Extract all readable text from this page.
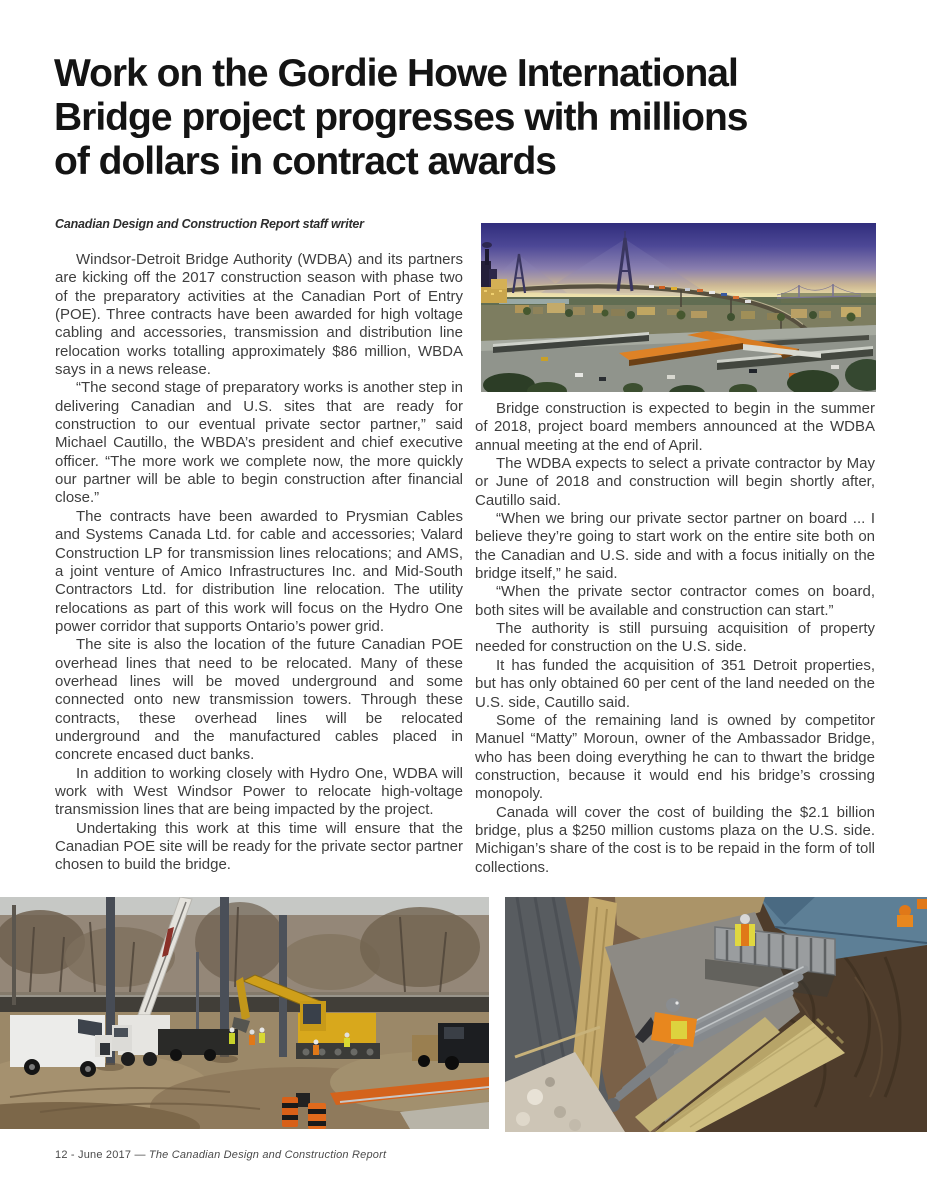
Work on the Gordie Howe International
Bridge project progresses with millions
of dollars in contract awards
Canadian Design and Construction Report staff writer

Windsor-Detroit Bridge Authority (WDBA) and its partners are kicking off the 2017 construction season with phase two of the preparatory activities at the Canadian Port of Entry (POE). Three contracts have been awarded for high voltage cabling and accessories, transmission and distribution line relocation works totalling approximately $86 million, WBDA says in a news release.

“The second stage of preparatory works is another step in delivering Canadian and U.S. sites that are ready for construction to our eventual private sector partner,” said Michael Cautillo, the WBDA’s president and chief executive officer. “The more work we complete now, the more quickly our partner will be able to begin construction after financial close.”

The contracts have been awarded to Prysmian Cables and Systems Canada Ltd. for cable and accessories; Valard Construction LP for transmission lines relocations; and AMS, a joint venture of Amico Infrastructures Inc. and Mid-South Contractors Ltd. for distribution line relocation. The utility relocations as part of this work will focus on the Hydro One power corridor that supports Ontario’s power grid.

The site is also the location of the future Canadian POE overhead lines that need to be relocated. Many of these overhead lines will be moved underground and some connected onto new transmission towers. Through these contracts, these overhead lines will be relocated underground and the manufactured cables placed in concrete encased duct banks.

In addition to working closely with Hydro One, WDBA will work with West Windsor Power to relocate high-voltage transmission lines that are being impacted by the project.

Undertaking this work at this time will ensure that the Canadian POE site will be ready for the private sector partner chosen to build the bridge.

Bridge construction is expected to begin in the summer of 2018, project board members announced at the WDBA annual meeting at the end of April.

The WDBA expects to select a private contractor by May or June of 2018 and construction will begin shortly after, Cautillo said.

“When we bring our private sector partner on board ... I believe they’re going to start work on the entire site both on the Canadian and U.S. side and with a focus initially on the bridge itself,” he said.

“When the private sector contractor comes on board, both sites will be available and construction can start.”

The authority is still pursuing acquisition of property needed for construction on the U.S. side.

It has funded the acquisition of 351 Detroit properties, but has only obtained 60 per cent of the land needed on the U.S. side, Cautillo said.

Some of the remaining land is owned by competitor Manuel “Matty” Moroun, owner of the Ambassador Bridge, who has been doing everything he can to thwart the bridge construction, because it would end his bridge’s crossing monopoly.

Canada will cover the cost of building the $2.1 billion bridge, plus a $250 million customs plaza on the U.S. side. Michigan’s share of the cost is to be repaid in the form of toll collections.

12 - June 2017 — The Canadian Design and Construction Report
